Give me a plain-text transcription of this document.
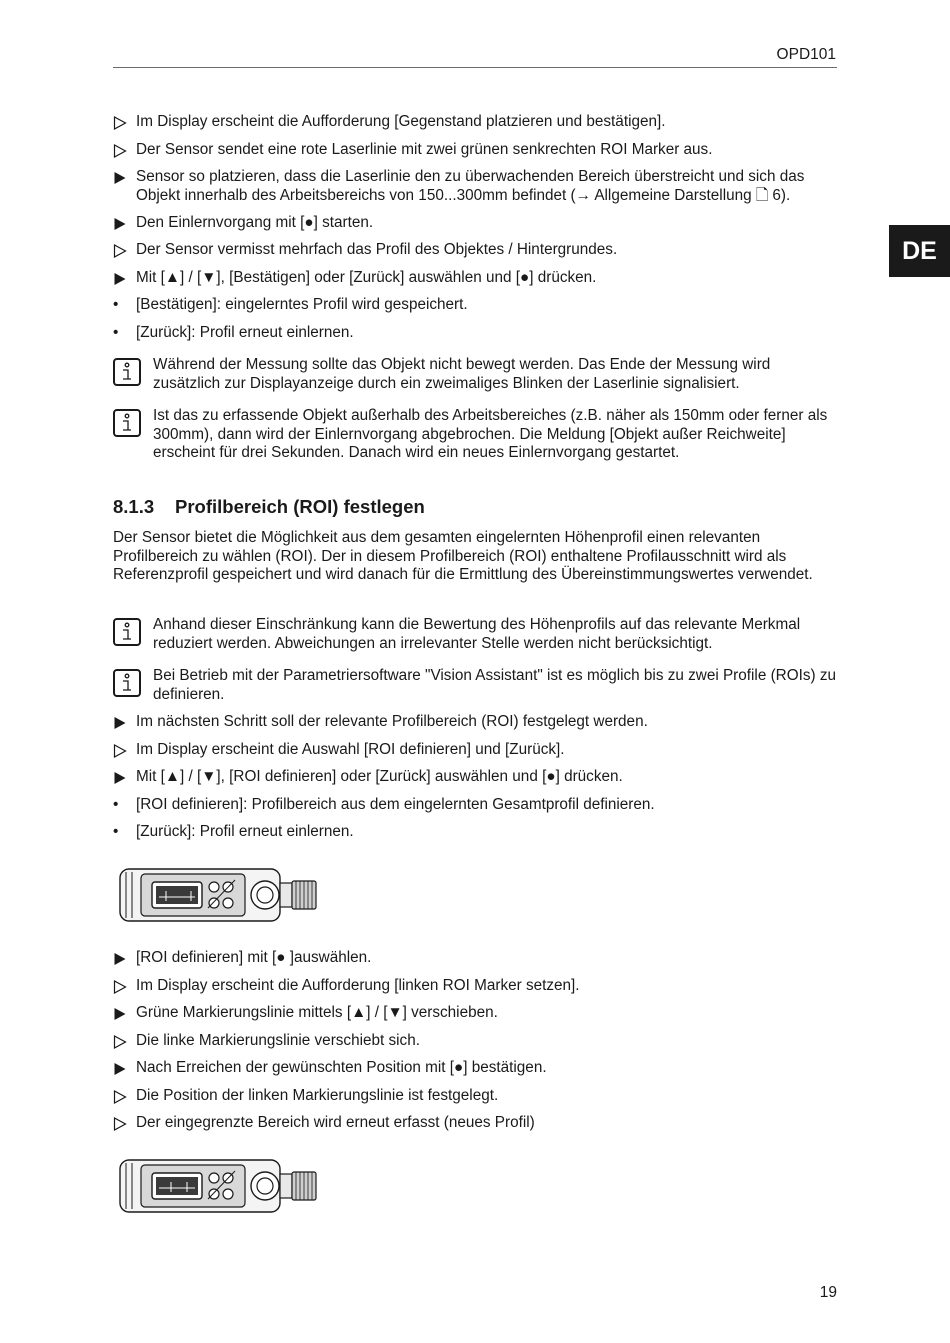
OPD101
DE
Im Display erscheint die Aufforderung [Gegenstand platzieren und bestätigen].
Der Sensor sendet eine rote Laserlinie mit zwei grünen senkrechten ROI Marker aus.
Sensor so platzieren, dass die Laserlinie den zu überwachenden Bereich überstreicht und sich das Objekt innerhalb des Arbeitsbereichs von 150...300mm befindet (→ Allgemeine Darstellung 🗋 6).
Den Einlernvorgang mit [●] starten.
Der Sensor vermisst mehrfach das Profil des Objektes / Hintergrundes.
Mit [▲] / [▼], [Bestätigen] oder [Zurück] auswählen und [●] drücken.
•	[Bestätigen]: eingelerntes Profil wird gespeichert.
•	[Zurück]: Profil erneut einlernen.
Während der Messung sollte das Objekt nicht bewegt werden. Das Ende der Messung wird zusätzlich zur Displayanzeige durch ein zweimaliges Blinken der Laserlinie signalisiert.
Ist das zu erfassende Objekt außerhalb des Arbeitsbereiches (z.B. näher als 150mm oder ferner als 300mm), dann wird der Einlernvorgang abgebrochen. Die Meldung [Objekt außer Reichweite] erscheint für drei Sekunden. Danach wird ein neues Einlernvorgang gestartet.
8.1.3 Profilbereich (ROI) festlegen
Der Sensor bietet die Möglichkeit aus dem gesamten eingelernten Höhenprofil einen relevanten Profilbereich zu wählen (ROI). Der in diesem Profilbereich (ROI) enthaltene Profilausschnitt wird als Referenzprofil gespeichert und wird danach für die Ermittlung des Übereinstimmungswertes verwendet.
Anhand dieser Einschränkung kann die Bewertung des Höhenprofils auf das relevante Merkmal reduziert werden. Abweichungen an irrelevanter Stelle werden nicht berücksichtigt.
Bei Betrieb mit der Parametriersoftware "Vision Assistant" ist es möglich bis zu zwei Profile (ROIs) zu definieren.
Im nächsten Schritt soll der relevante Profilbereich (ROI) festgelegt werden.
Im Display erscheint die Auswahl [ROI definieren] und [Zurück].
Mit [▲] / [▼], [ROI definieren] oder [Zurück] auswählen und [●] drücken.
•	[ROI definieren]: Profilbereich aus dem eingelernten Gesamtprofil definieren.
•	[Zurück]: Profil erneut einlernen.
[ROI definieren] mit [● ]auswählen.
Im Display erscheint die Aufforderung [linken ROI Marker setzen].
Grüne Markierungslinie mittels [▲] / [▼] verschieben.
Die linke Markierungslinie verschiebt sich.
Nach Erreichen der gewünschten Position mit [●] bestätigen.
Die Position der linken Markierungslinie ist festgelegt.
Der eingegrenzte Bereich wird erneut erfasst (neues Profil)
19
